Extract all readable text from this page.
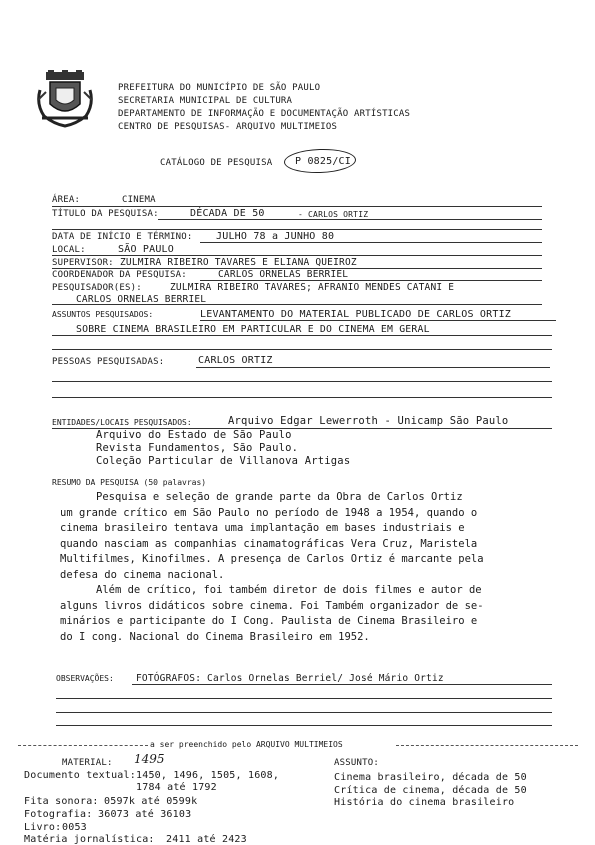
PREFEITURA DO MUNICÍPIO DE SÃO PAULO
SECRETARIA MUNICIPAL DE CULTURA
DEPARTAMENTO DE INFORMAÇÃO E DOCUMENTAÇÃO ARTÍSTICAS
CENTRO DE PESQUISAS- ARQUIVO MULTIMEIOS
CATÁLOGO DE PESQUISA P 0825/CI
ÁREA:	CINEMA
TÍTULO DA PESQUISA:	DÉCADA DE 50	- CARLOS ORTIZ
DATA DE INÍCIO E TÉRMINO: JULHO 78 a JUNHO 80
LOCAL:	SÃO PAULO
SUPERVISOR: ZULMIRA RIBEIRO TAVARES E ELIANA QUEIROZ
COORDENADOR DA PESQUISA:	CARLOS ORNELAS BERRIEL
PESQUISADOR(ES):	ZULMIRA RIBEIRO TAVARES; AFRANIO MENDES CATANI E
CARLOS ORNELAS BERRIEL
ASSUNTOS PESQUISADOS:	LEVANTAMENTO DO MATERIAL PUBLICADO DE CARLOS ORTIZ
SOBRE CINEMA BRASILEIRO EM PARTICULAR E DO CINEMA EM GERAL
PESSOAS PESQUISADAS:	CARLOS ORTIZ
ENTIDADES/LOCAIS PESQUISADOS:	Arquivo Edgar Lewerroth - Unicamp São Paulo
Arquivo do Estado de São Paulo
Revista Fundamentos, São Paulo.
Coleção Particular de Villanova Artigas
RESUMO DA PESQUISA (50 palavras)
Pesquisa e seleção de grande parte da Obra de Carlos Ortiz
um grande crítico em São Paulo no período de 1948 a 1954, quando o
cinema brasileiro tentava uma implantação em bases industriais e
quando nasciam as companhias cinamatográficas Vera Cruz, Maristela
Multifilmes, Kinofilmes. A presença de Carlos Ortiz é marcante pela
defesa do cinema nacional.
Além de crítico, foi também diretor de dois filmes e autor de
alguns livros didáticos sobre cinema. Foi Também organizador de se-
minários e participante do I Cong. Paulista de Cinema Brasileiro e
do I cong. Nacional do Cinema Brasileiro em 1952.
OBSERVAÇÕES: FOTÓGRAFOS: Carlos Ornelas Berriel/ José Mário Ortiz
a ser preenchido pelo ARQUIVO MULTIMEIOS
MATERIAL: 1495
Documento textual: 1450, 1496, 1505, 1608,
1784 até 1792
Fita sonora: 0597k até 0599k
Fotografia: 36073 até 36103
Livro: 0053
Matéria jornalística: 2411 até 2423
ASSUNTO:
Cinema brasileiro, década de 50
Crítica de cinema, década de 50
História do cinema brasileiro
